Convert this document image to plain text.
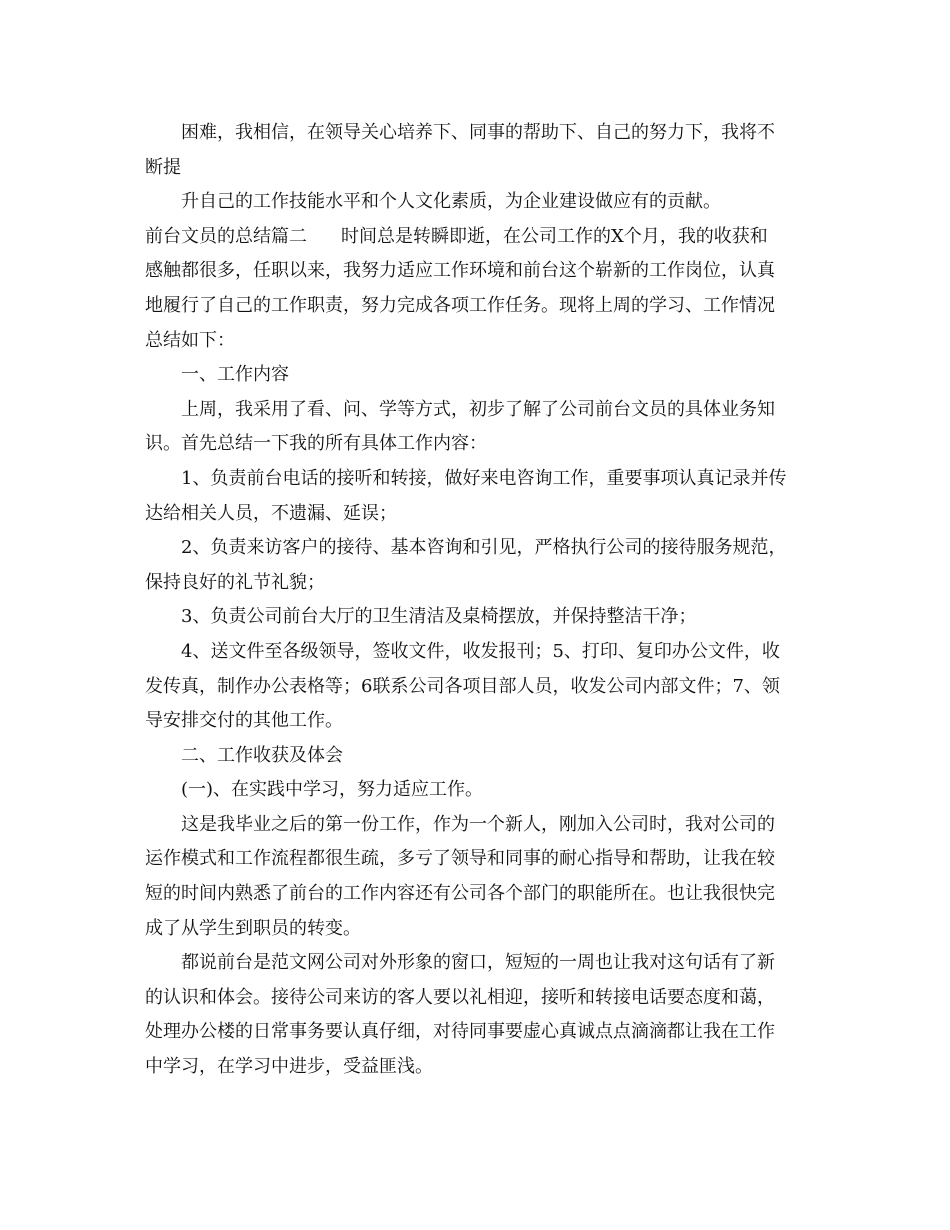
困难，我相信，在领导关心培养下、同事的帮助下、自己的努力下，我将不
断提
升自己的工作技能水平和个人文化素质，为企业建设做应有的贡献。
前台文员的总结篇二 时间总是转瞬即逝，在公司工作的X个月，我的收获和
感触都很多，任职以来，我努力适应工作环境和前台这个崭新的工作岗位，认真
地履行了自己的工作职责，努力完成各项工作任务。现将上周的学习、工作情况
总结如下：
一、工作内容
上周，我采用了看、问、学等方式，初步了解了公司前台文员的具体业务知
识。首先总结一下我的所有具体工作内容：
1、负责前台电话的接听和转接，做好来电咨询工作，重要事项认真记录并传
达给相关人员，不遗漏、延误；
2、负责来访客户的接待、基本咨询和引见，严格执行公司的接待服务规范，
保持良好的礼节礼貌；
3、负责公司前台大厅的卫生清洁及桌椅摆放，并保持整洁干净；
4、送文件至各级领导，签收文件，收发报刊；5、打印、复印办公文件，收
发传真，制作办公表格等；6联系公司各项目部人员，收发公司内部文件；7、领
导安排交付的其他工作。
二、工作收获及体会
(一)、在实践中学习，努力适应工作。
这是我毕业之后的第一份工作，作为一个新人，刚加入公司时，我对公司的
运作模式和工作流程都很生疏，多亏了领导和同事的耐心指导和帮助，让我在较
短的时间内熟悉了前台的工作内容还有公司各个部门的职能所在。也让我很快完
成了从学生到职员的转变。
都说前台是范文网公司对外形象的窗口，短短的一周也让我对这句话有了新
的认识和体会。接待公司来访的客人要以礼相迎，接听和转接电话要态度和蔼，
处理办公楼的日常事务要认真仔细，对待同事要虚心真诚点点滴滴都让我在工作
中学习，在学习中进步，受益匪浅。
